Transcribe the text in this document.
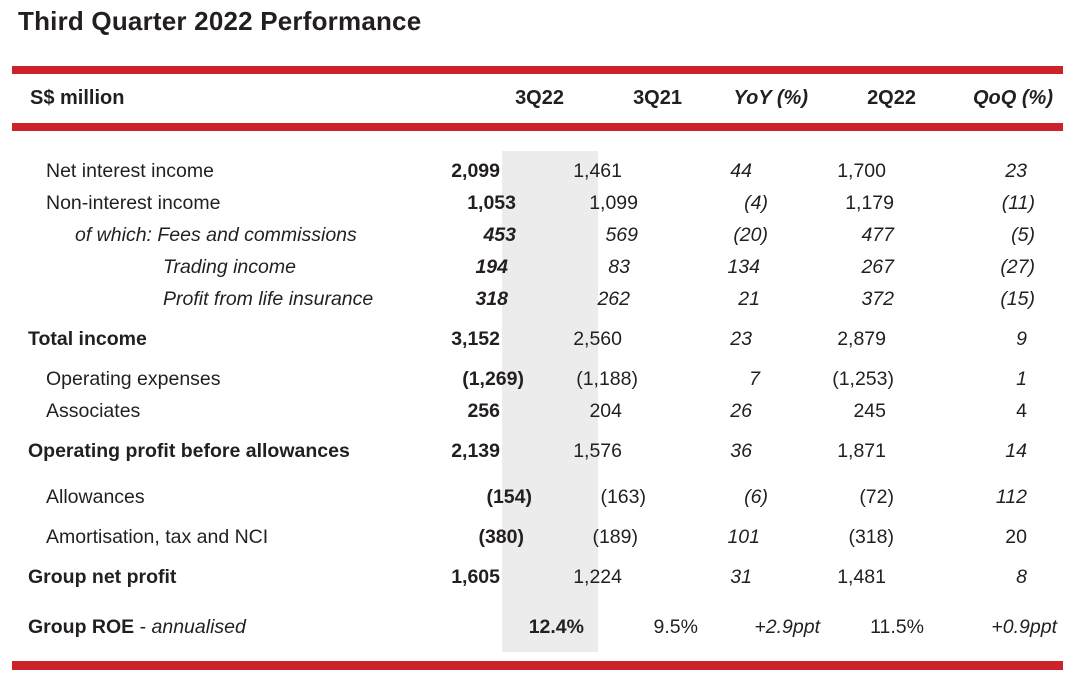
Third Quarter 2022 Performance
S$ million	3Q22	3Q21	YoY (%)	2Q22	QoQ (%)
Net interest income	2,099	1,461	44	1,700	23
Non-interest income	1,053	1,099	(4)	1,179	(11)
of which: Fees and commissions	453	569	(20)	477	(5)
Trading income	194	83	134	267	(27)
Profit from life insurance	318	262	21	372	(15)
Total income	3,152	2,560	23	2,879	9
Operating expenses	(1,269)	(1,188)	7	(1,253)	1
Associates	256	204	26	245	4
Operating profit before allowances	2,139	1,576	36	1,871	14
Allowances	(154)	(163)	(6)	(72)	112
Amortisation, tax and NCI	(380)	(189)	101	(318)	20
Group net profit	1,605	1,224	31	1,481	8
Group ROE - annualised	12.4%	9.5%	+2.9ppt	11.5%	+0.9ppt
